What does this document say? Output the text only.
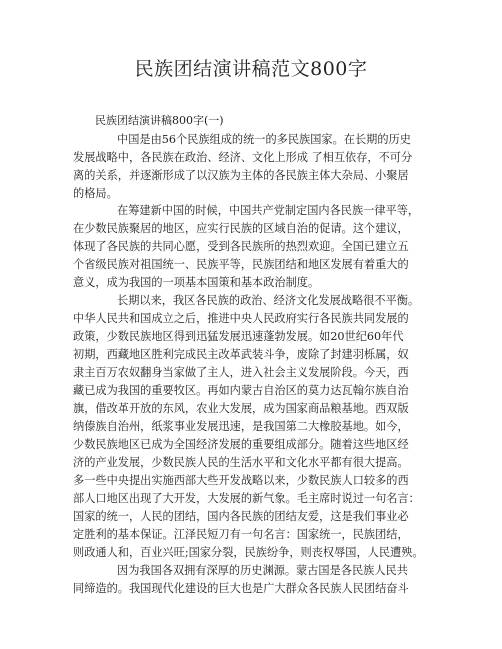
民族团结演讲稿范文800字
民族团结演讲稿800字(一)
中国是由56个民族组成的统一的多民族国家。在长期的历史
发展战略中，各民族在政治、经济、文化上形成 了相互依存，不可分
离的关系，并逐渐形成了以汉族为主体的各民族主体大杂局、小聚居
的格局。
在筹建新中国的时候，中国共产党制定国内各民族一律平等，
在少数民族聚居的地区，应实行民族的区域自治的促请。这个建议，
体现了各民族的共同心愿，受到各民族所的热烈欢迎。全国已建立五
个省级民族对祖国统一、民族平等，民族团结和地区发展有着重大的
意义，成为我国的一项基本国策和基本政治制度。
长期以来，我区各民族的政治、经济文化发展战略很不平衡。
中华人民共和国成立之后，推进中央人民政府实行各民族共同发展的
政策，少数民族地区得到迅猛发展迅速蓬勃发展。如20世纪60年代
初期，西藏地区胜利完成民主改革武装斗争，废除了封建羽栎属，奴
隶主百万农奴翻身当家做了主人，进入社会主义发展阶段。今天，西
藏已成为我国的重要牧区。再如内蒙古自治区的莫力达瓦翰尔族自治
旗，借改革开放的东风，农业大发展，成为国家商品粮基地。西双版
纳傣族自治州，纸浆事业发展迅速，是我国第二大橡胶基地。如今，
少数民族地区已成为全国经济发展的重要组成部分。随着这些地区经
济的产业发展，少数民族人民的生活水平和文化水平都有很大提高。
多一些中央提出实施西部大些开发战略以来，少数民族人口较多的西
部人口地区出现了大开发，大发展的新气象。毛主席时说过一句名言：
国家的统一，人民的团结，国内各民族的团结友爱，这是我们事业必
定胜利的基本保证。江泽民短刀有一句名言：国家统一，民族团结，
则政通人和，百业兴旺;国家分裂，民族纷争，则丧权辱国，人民遭殃。
因为我国各双拥有深厚的历史渊源。蒙古国是各民族人民共
同缔造的。我国现代化建设的巨大也是广大群众各民族人民团结奋斗
